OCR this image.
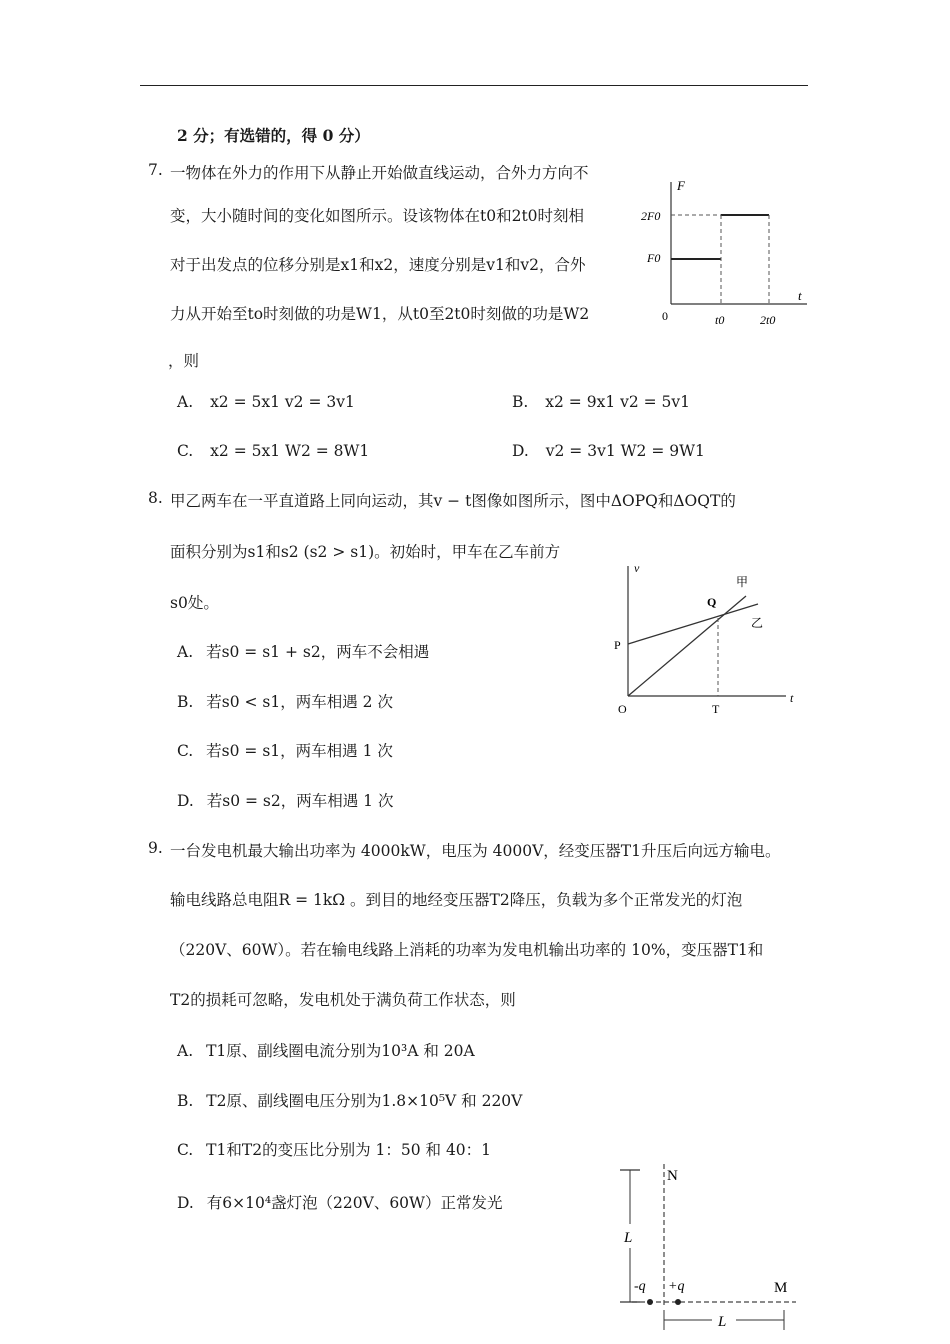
2 分；有选错的，得 0 分）
7. 一物体在外力的作用下从静止开始做直线运动，合外力方向不
变，大小随时间的变化如图所示。设该物体在t0和2t0时刻相
对于出发点的位移分别是x1和x2，速度分别是v1和v2，合外
力从开始至to时刻做的功是W1，从t0至2t0时刻做的功是W2
，则
A. x2 = 5x1 v2 = 3v1	B. x2 = 9x1 v2 = 5v1
C. x2 = 5x1 W2 = 8W1	D. v2 = 3v1 W2 = 9W1
F
t
0
F0
2F0
t0	2t0
8. 甲乙两车在一平直道路上同向运动，其v − t图像如图所示，图中ΔOPQ和ΔOQT的
面积分别为s1和s2 (s2 > s1)。初始时，甲车在乙车前方
s0处。
A. 若s0 = s1 + s2，两车不会相遇
B. 若s0 < s1，两车相遇 2 次
C. 若s0 = s1，两车相遇 1 次
D. 若s0 = s2，两车相遇 1 次
v
t
O
P
Q
T
甲
乙
9. 一台发电机最大输出功率为 4000kW，电压为 4000V，经变压器T1升压后向远方输电。
输电线路总电阻R = 1kΩ 。到目的地经变压器T2降压，负载为多个正常发光的灯泡
（220V、60W）。若在输电线路上消耗的功率为发电机输出功率的 10%，变压器T1和
T2的损耗可忽略，发电机处于满负荷工作状态，则
A. T1原、副线圈电流分别为10³A 和 20A
B. T2原、副线圈电压分别为1.8×10⁵V 和 220V
C. T1和T2的变压比分别为 1：50 和 40：1
D. 有6×10⁴盏灯泡（220V、60W）正常发光
N
M
L
-q +q
L
